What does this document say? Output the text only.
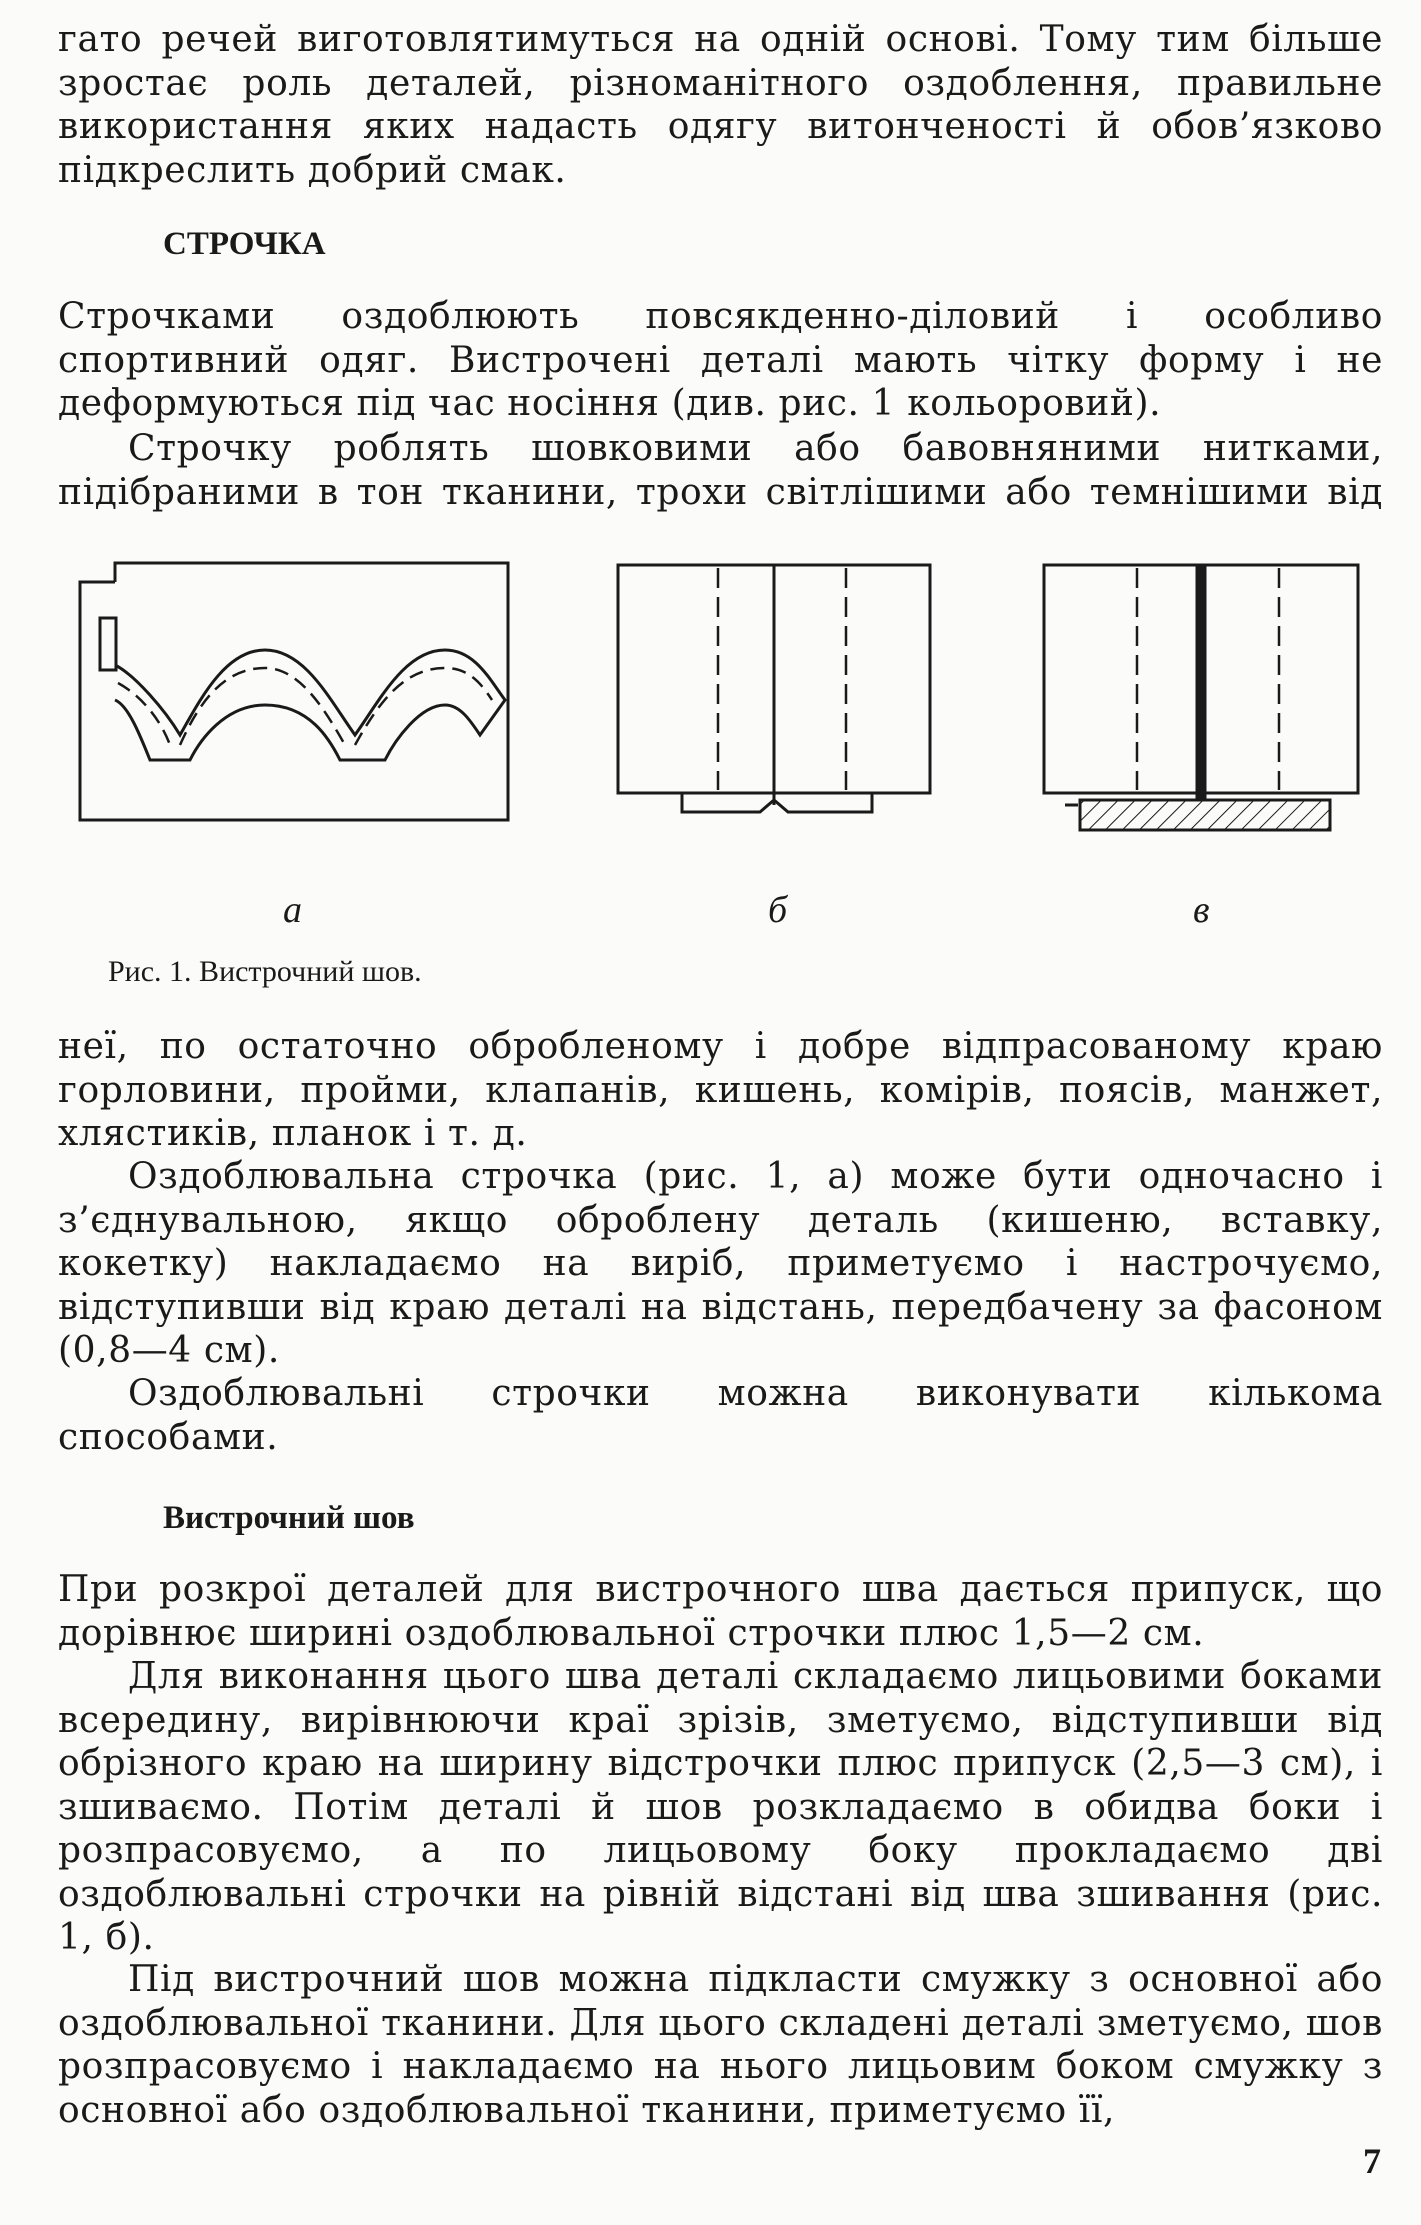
гато речей виготовлятимуться на одній основі. Тому тим більше зростає роль деталей, різноманітного оздоблення, правильне використання яких надасть одягу витонченості й обов’язково підкреслить добрий смак.

СТРОЧКА

Строчками оздоблюють повсякденно-діловий і особливо спортивний одяг. Вистрочені деталі мають чітку форму і не деформуються під час носіння (див. рис. 1 кольоровий).

Строчку роблять шовковими або бавовняними нитками, підібраними в тон тканини, трохи світлішими або темнішими від

неї, по остаточно обробленому і добре відпрасованому краю горловини, пройми, клапанів, кишень, комірів, поясів, манжет, хлястиків, планок і т. д.

Оздоблювальна строчка (рис. 1, а) може бути одночасно і з’єднувальною, якщо оброблену деталь (кишеню, вставку, кокетку) накладаємо на виріб, приметуємо і настрочуємо, відступивши від краю деталі на відстань, передбачену за фасоном (0,8—4 см).

Оздоблювальні строчки можна виконувати кількома способами.

Вистрочний шов

При розкрої деталей для вистрочного шва дається припуск, що дорівнює ширині оздоблювальної строчки плюс 1,5—2 см.

Для виконання цього шва деталі складаємо лицьовими боками всередину, вирівнюючи краї зрізів, зметуємо, відступивши від обрізного краю на ширину відстрочки плюс припуск (2,5—3 см), і зшиваємо. Потім деталі й шов розкладаємо в обидва боки і розпрасовуємо, а по лицьовому боку прокладаємо дві оздоблювальні строчки на рівній відстані від шва зшивання (рис. 1, б).

Під вистрочний шов можна підкласти смужку з основної або оздоблювальної тканини. Для цього складені деталі зметуємо, шов розпрасовуємо і накладаємо на нього лицьовим боком смужку з основної або оздоблювальної тканини, приметуємо її,

а	б	в
Рис. 1. Вистрочний шов.
7
